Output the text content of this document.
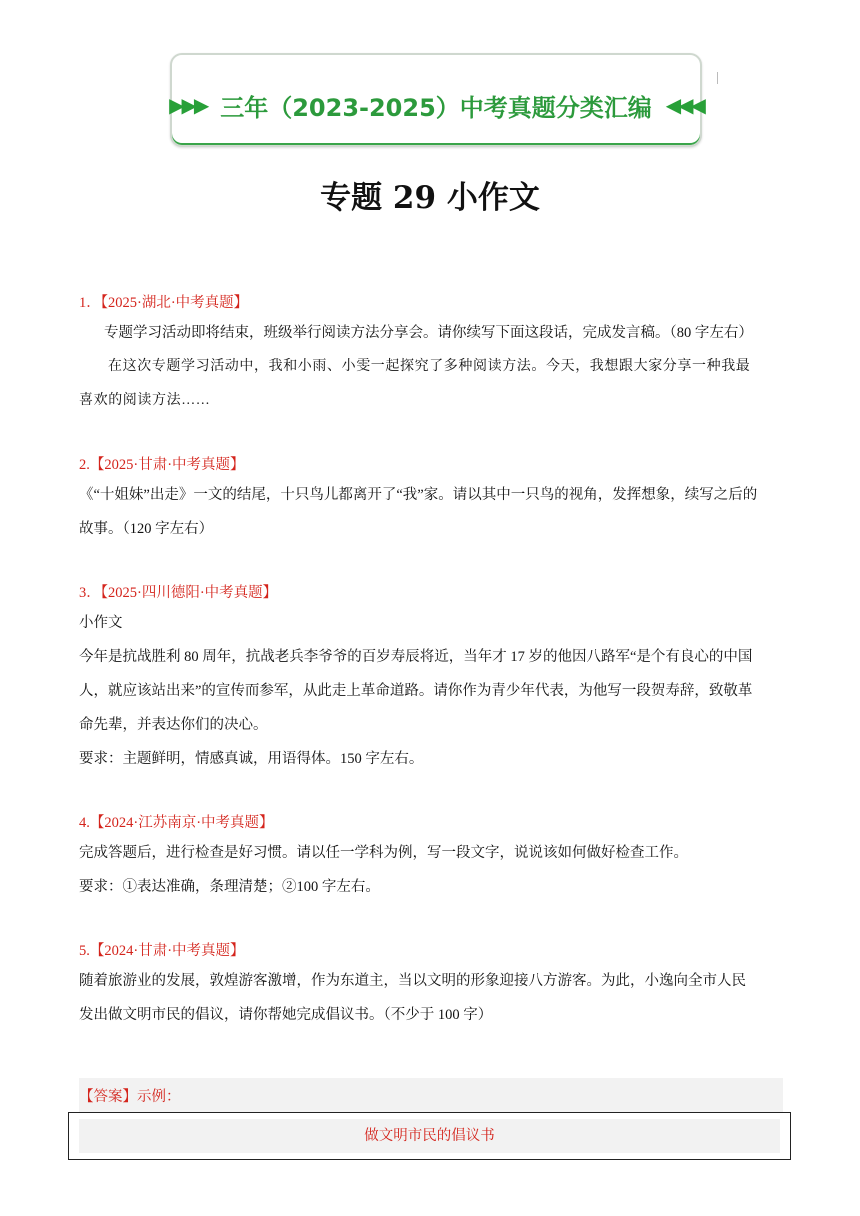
▶▶▶ 三年（2023-2025）中考真题分类汇编 ◀◀◀
专题 29 小作文
1．【2025·湖北·中考真题】
专题学习活动即将结束，班级举行阅读方法分享会。请你续写下面这段话，完成发言稿。（80 字左右）
在这次专题学习活动中，我和小雨、小雯一起探究了多种阅读方法。今天，我想跟大家分享一种我最
喜欢的阅读方法……
2.【2025·甘肃·中考真题】
《“十姐妹”出走》一文的结尾，十只鸟儿都离开了“我”家。请以其中一只鸟的视角，发挥想象，续写之后的
故事。（120 字左右）
3．【2025·四川德阳·中考真题】
小作文
今年是抗战胜利 80 周年，抗战老兵李爷爷的百岁寿辰将近，当年才 17 岁的他因八路军“是个有良心的中国
人，就应该站出来”的宣传而参军，从此走上革命道路。请你作为青少年代表，为他写一段贺寿辞，致敬革
命先辈，并表达你们的决心。
要求：主题鲜明，情感真诚，用语得体。150 字左右。
4.【2024·江苏南京·中考真题】
完成答题后，进行检查是好习惯。请以任一学科为例，写一段文字，说说该如何做好检查工作。
要求：①表达准确，条理清楚；②100 字左右。
5.【2024·甘肃·中考真题】
随着旅游业的发展，敦煌游客激增，作为东道主，当以文明的形象迎接八方游客。为此，小逸向全市人民
发出做文明市民的倡议，请你帮她完成倡议书。（不少于 100 字）
【答案】示例：
做文明市民的倡议书
